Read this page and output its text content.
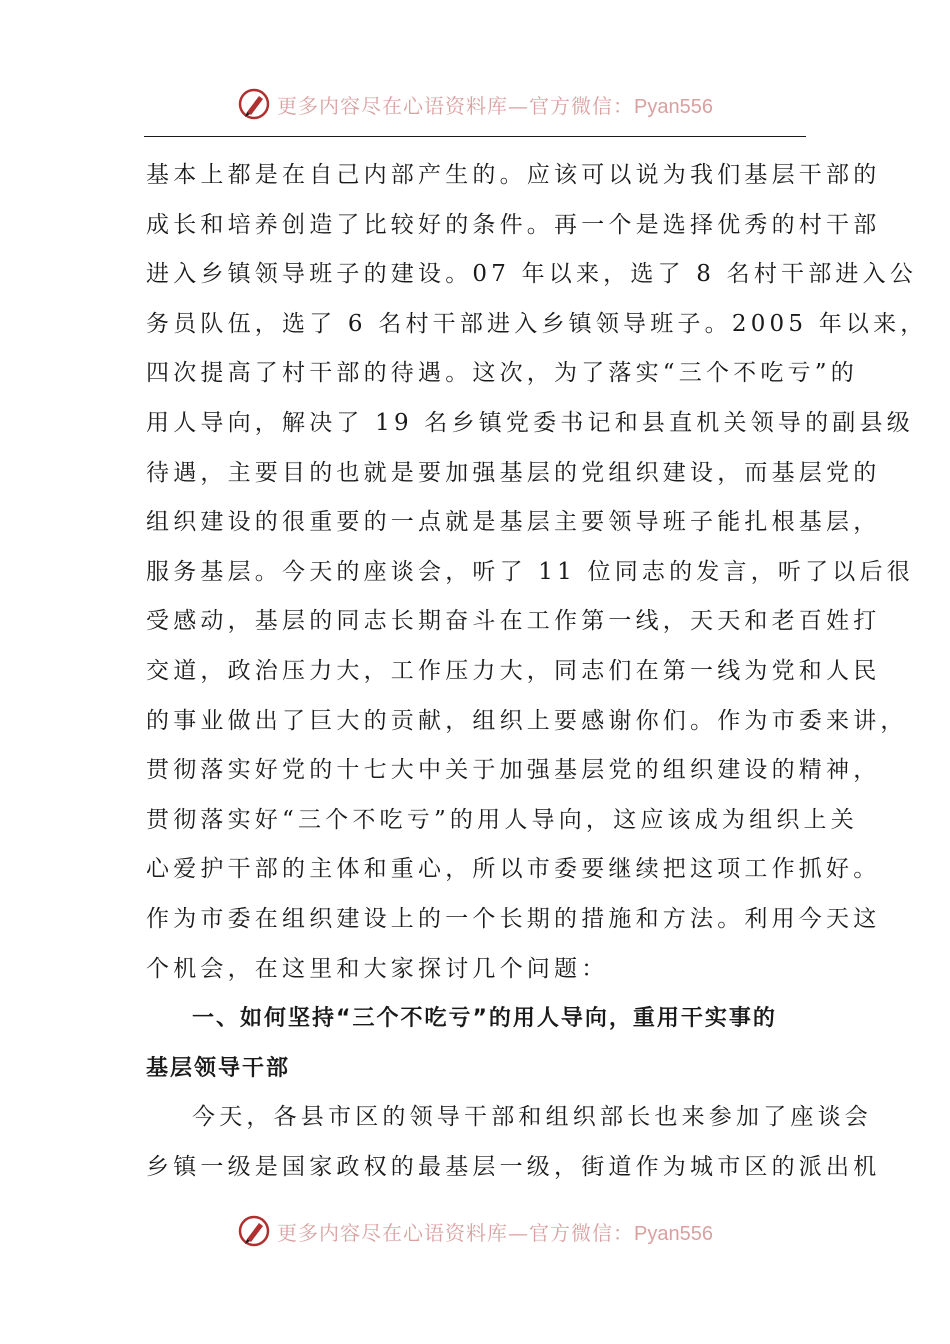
更多内容尽在心语资料库—官方微信：Pyan556
基本上都是在自己内部产生的。应该可以说为我们基层干部的
成长和培养创造了比较好的条件。再一个是选择优秀的村干部
进入乡镇领导班子的建设。07 年以来，选了 8 名村干部进入公
务员队伍，选了 6 名村干部进入乡镇领导班子。2005 年以来，
四次提高了村干部的待遇。这次，为了落实“三个不吃亏”的
用人导向，解决了 19 名乡镇党委书记和县直机关领导的副县级
待遇，主要目的也就是要加强基层的党组织建设，而基层党的
组织建设的很重要的一点就是基层主要领导班子能扎根基层，
服务基层。今天的座谈会，听了 11 位同志的发言，听了以后很
受感动，基层的同志长期奋斗在工作第一线，天天和老百姓打
交道，政治压力大，工作压力大，同志们在第一线为党和人民
的事业做出了巨大的贡献，组织上要感谢你们。作为市委来讲，
贯彻落实好党的十七大中关于加强基层党的组织建设的精神，
贯彻落实好“三个不吃亏”的用人导向，这应该成为组织上关
心爱护干部的主体和重心，所以市委要继续把这项工作抓好。
作为市委在组织建设上的一个长期的措施和方法。利用今天这
个机会，在这里和大家探讨几个问题：
一、如何坚持“三个不吃亏”的用人导向，重用干实事的
基层领导干部
今天，各县市区的领导干部和组织部长也来参加了座谈会
乡镇一级是国家政权的最基层一级，街道作为城市区的派出机
更多内容尽在心语资料库—官方微信：Pyan556
